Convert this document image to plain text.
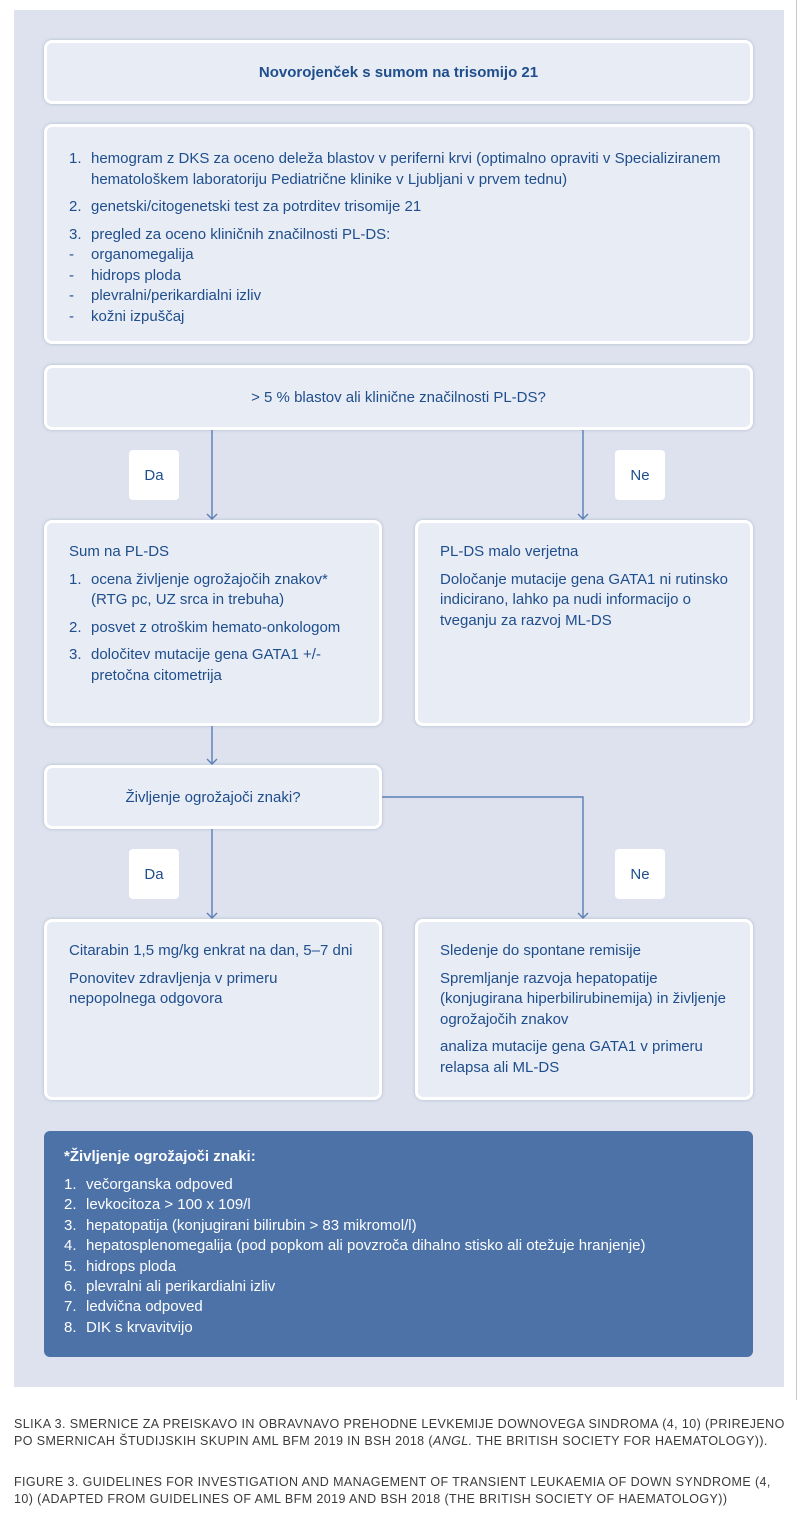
Novorojenček s sumom na trisomijo 21
1. hemogram z DKS za oceno deleža blastov v periferni krvi (optimalno opraviti v Specializiranem hematološkem laboratoriju Pediatrične klinike v Ljubljani v prvem tednu)
2. genetski/citogenetski test za potrditev trisomije 21
3. pregled za oceno kliničnih značilnosti PL-DS:
-	organomegalija
-	hidrops ploda
-	plevralni/perikardialni izliv
-	kožni izpuščaj
> 5 % blastov ali klinične značilnosti PL-DS?
Da	Ne
Sum na PL-DS
1. ocena življenje ogrožajočih znakov* (RTG pc, UZ srca in trebuha)
2. posvet z otroškim hemato-onkologom
3. določitev mutacije gena GATA1 +/- pretočna citometrija
PL-DS malo verjetna
Določanje mutacije gena GATA1 ni rutinsko indicirano, lahko pa nudi informacijo o tveganju za razvoj ML-DS
Življenje ogrožajoči znaki?
Da	Ne
Citarabin 1,5 mg/kg enkrat na dan, 5–7 dni
Ponovitev zdravljenja v primeru nepopolnega odgovora
Sledenje do spontane remisije
Spremljanje razvoja hepatopatije (konjugirana hiperbilirubinemija) in življenje ogrožajočih znakov
analiza mutacije gena GATA1 v primeru relapsa ali ML-DS
*Življenje ogrožajoči znaki:
1. večorganska odpoved
2. levkocitoza > 100 x 109/l
3. hepatopatija (konjugirani bilirubin > 83 mikromol/l)
4. hepatosplenomegalija (pod popkom ali povzroča dihalno stisko ali otežuje hranjenje)
5. hidrops ploda
6. plevralni ali perikardialni izliv
7. ledvična odpoved
8. DIK s krvavitvijo
SLIKA 3. SMERNICE ZA PREISKAVO IN OBRAVNAVO PREHODNE LEVKEMIJE DOWNOVEGA SINDROMA (4, 10) (PRIREJENO PO SMERNICAH ŠTUDIJSKIH SKUPIN AML BFM 2019 IN BSH 2018 (ANGL. THE BRITISH SOCIETY FOR HAEMATOLOGY)).
FIGURE 3. GUIDELINES FOR INVESTIGATION AND MANAGEMENT OF TRANSIENT LEUKAEMIA OF DOWN SYNDROME (4, 10) (ADAPTED FROM GUIDELINES OF AML BFM 2019 AND BSH 2018 (THE BRITISH SOCIETY OF HAEMATOLOGY))
